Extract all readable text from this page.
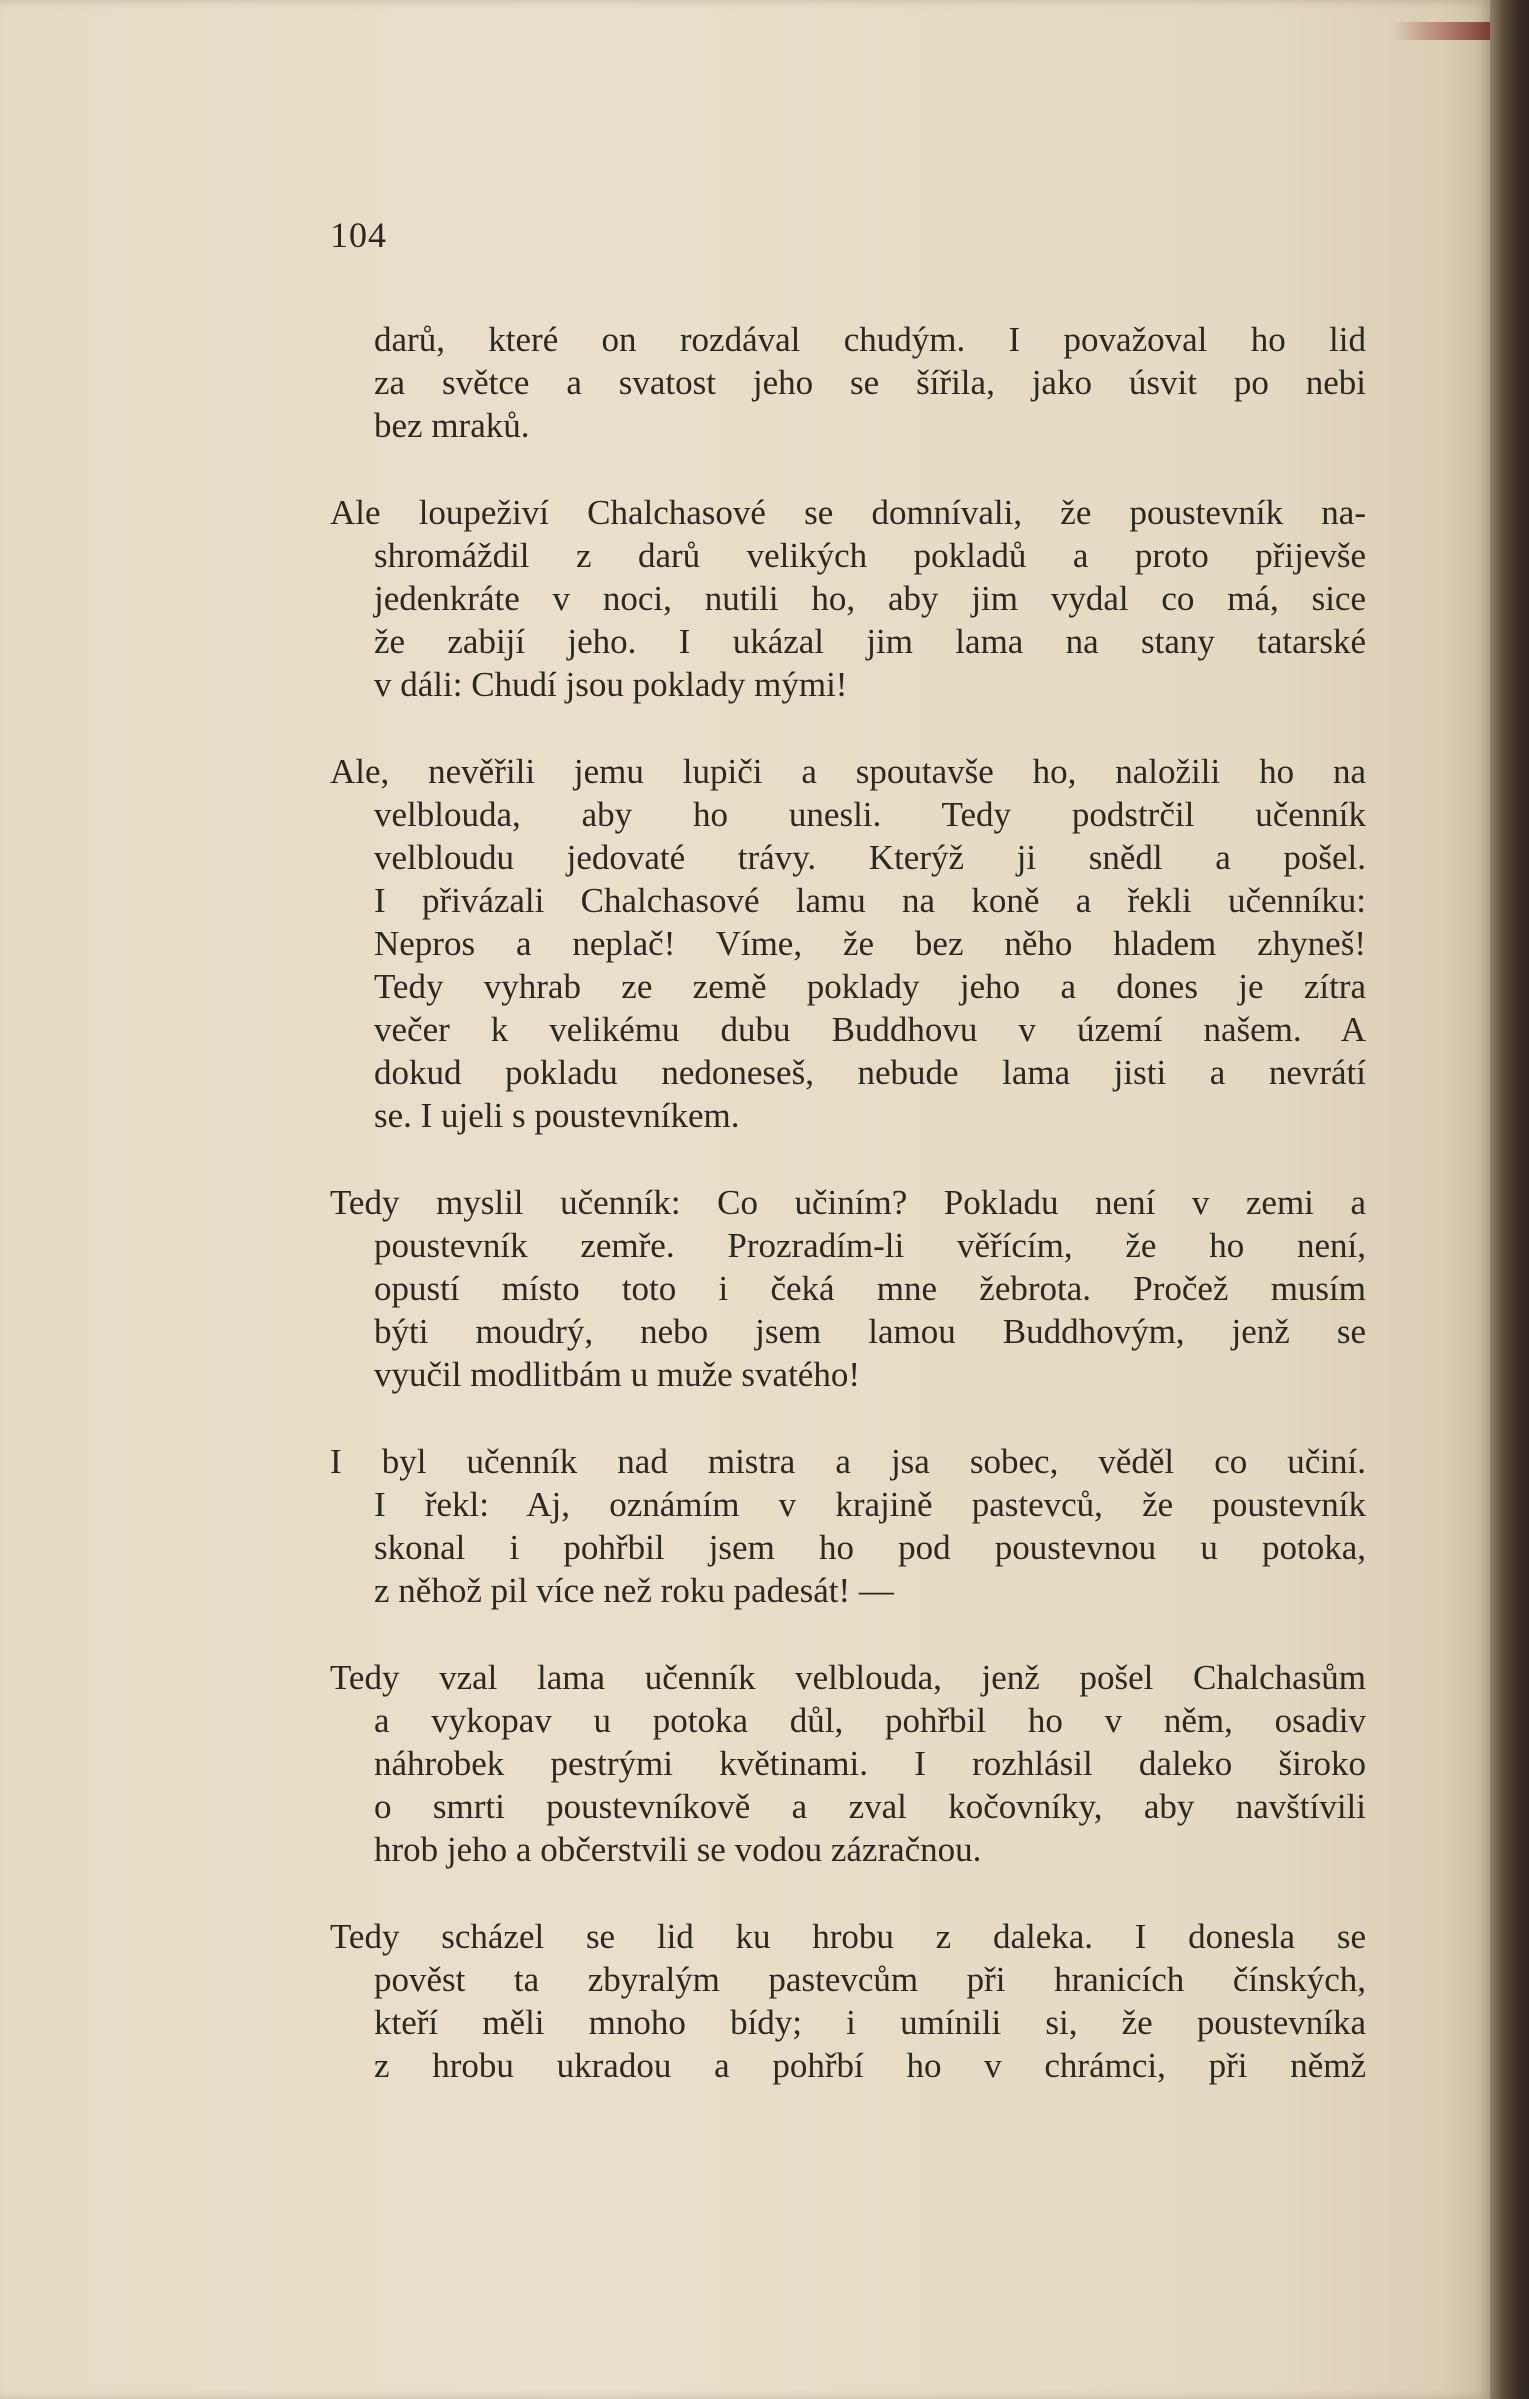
104

darů, které on rozdával chudým. I považoval ho lid
za světce a svatost jeho se šířila, jako úsvit po nebi
bez mraků.

Ale loupeživí Chalchasové se domnívali, že poustevník na-
shromáždil z darů velikých pokladů a proto přijevše
jedenkráte v noci, nutili ho, aby jim vydal co má, sice
že zabijí jeho. I ukázal jim lama na stany tatarské
v dáli: Chudí jsou poklady mými!

Ale, nevěřili jemu lupiči a spoutavše ho, naložili ho na
velblouda, aby ho unesli. Tedy podstrčil učenník
velbloudu jedovaté trávy. Kterýž ji snědl a pošel.
I přivázali Chalchasové lamu na koně a řekli učenníku:
Nepros a neplač! Víme, že bez něho hladem zhyneš!
Tedy vyhrab ze země poklady jeho a dones je zítra
večer k velikému dubu Buddhovu v území našem. A
dokud pokladu nedoneseš, nebude lama jisti a nevrátí
se. I ujeli s poustevníkem.

Tedy myslil učenník: Co učiním? Pokladu není v zemi a
poustevník zemře. Prozradím-li věřícím, že ho není,
opustí místo toto i čeká mne žebrota. Pročež musím
býti moudrý, nebo jsem lamou Buddhovým, jenž se
vyučil modlitbám u muže svatého!

I byl učenník nad mistra a jsa sobec, věděl co učiní.
I řekl: Aj, oznámím v krajině pastevců, že poustevník
skonal i pohřbil jsem ho pod poustevnou u potoka,
z něhož pil více než roku padesát! —

Tedy vzal lama učenník velblouda, jenž pošel Chalchasům
a vykopav u potoka důl, pohřbil ho v něm, osadiv
náhrobek pestrými květinami. I rozhlásil daleko široko
o smrti poustevníkově a zval kočovníky, aby navštívili
hrob jeho a občerstvili se vodou zázračnou.

Tedy scházel se lid ku hrobu z daleka. I donesla se
pověst ta zbyralým pastevcům při hranicích čínských,
kteří měli mnoho bídy; i umínili si, že poustevníka
z hrobu ukradou a pohřbí ho v chrámci, při němž
